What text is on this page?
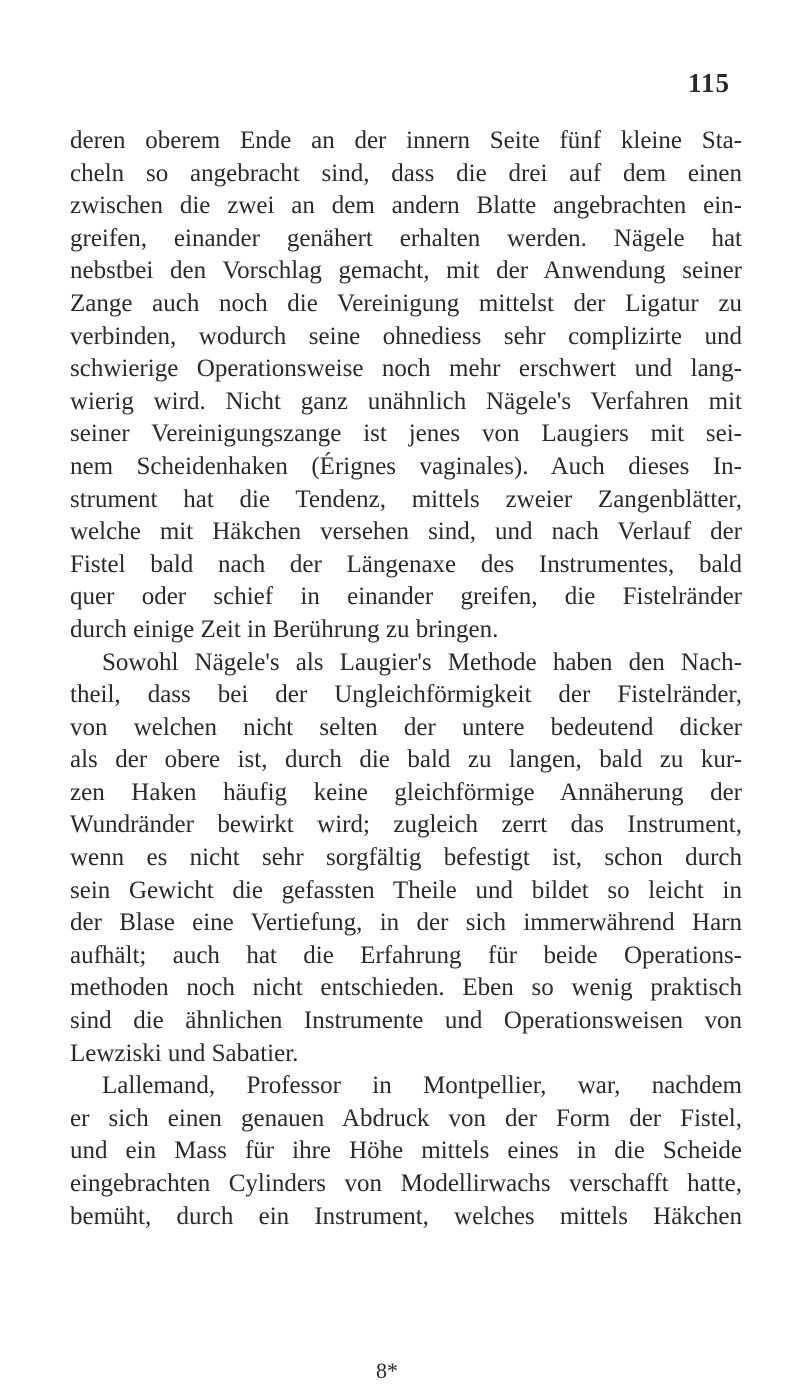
115
deren oberem Ende an der innern Seite fünf kleine Sta-
cheln so angebracht sind, dass die drei auf dem einen
zwischen die zwei an dem andern Blatte angebrachten ein-
greifen, einander genähert erhalten werden. Nägele hat
nebstbei den Vorschlag gemacht, mit der Anwendung seiner
Zange auch noch die Vereinigung mittelst der Ligatur zu
verbinden, wodurch seine ohnediess sehr complizirte und
schwierige Operationsweise noch mehr erschwert und lang-
wierig wird. Nicht ganz unähnlich Nägele's Verfahren mit
seiner Vereinigungszange ist jenes von Laugiers mit sei-
nem Scheidenhaken (Érignes vaginales). Auch dieses In-
strument hat die Tendenz, mittels zweier Zangenblätter,
welche mit Häkchen versehen sind, und nach Verlauf der
Fistel bald nach der Längenaxe des Instrumentes, bald
quer oder schief in einander greifen, die Fistelränder
durch einige Zeit in Berührung zu bringen.
Sowohl Nägele's als Laugier's Methode haben den Nach-
theil, dass bei der Ungleichförmigkeit der Fistelränder,
von welchen nicht selten der untere bedeutend dicker
als der obere ist, durch die bald zu langen, bald zu kur-
zen Haken häufig keine gleichförmige Annäherung der
Wundränder bewirkt wird; zugleich zerrt das Instrument,
wenn es nicht sehr sorgfältig befestigt ist, schon durch
sein Gewicht die gefassten Theile und bildet so leicht in
der Blase eine Vertiefung, in der sich immerwährend Harn
aufhält; auch hat die Erfahrung für beide Operations-
methoden noch nicht entschieden. Eben so wenig praktisch
sind die ähnlichen Instrumente und Operationsweisen von
Lewziski und Sabatier.
Lallemand, Professor in Montpellier, war, nachdem
er sich einen genauen Abdruck von der Form der Fistel,
und ein Mass für ihre Höhe mittels eines in die Scheide
eingebrachten Cylinders von Modellirwachs verschafft hatte,
bemüht, durch ein Instrument, welches mittels Häkchen
8*
